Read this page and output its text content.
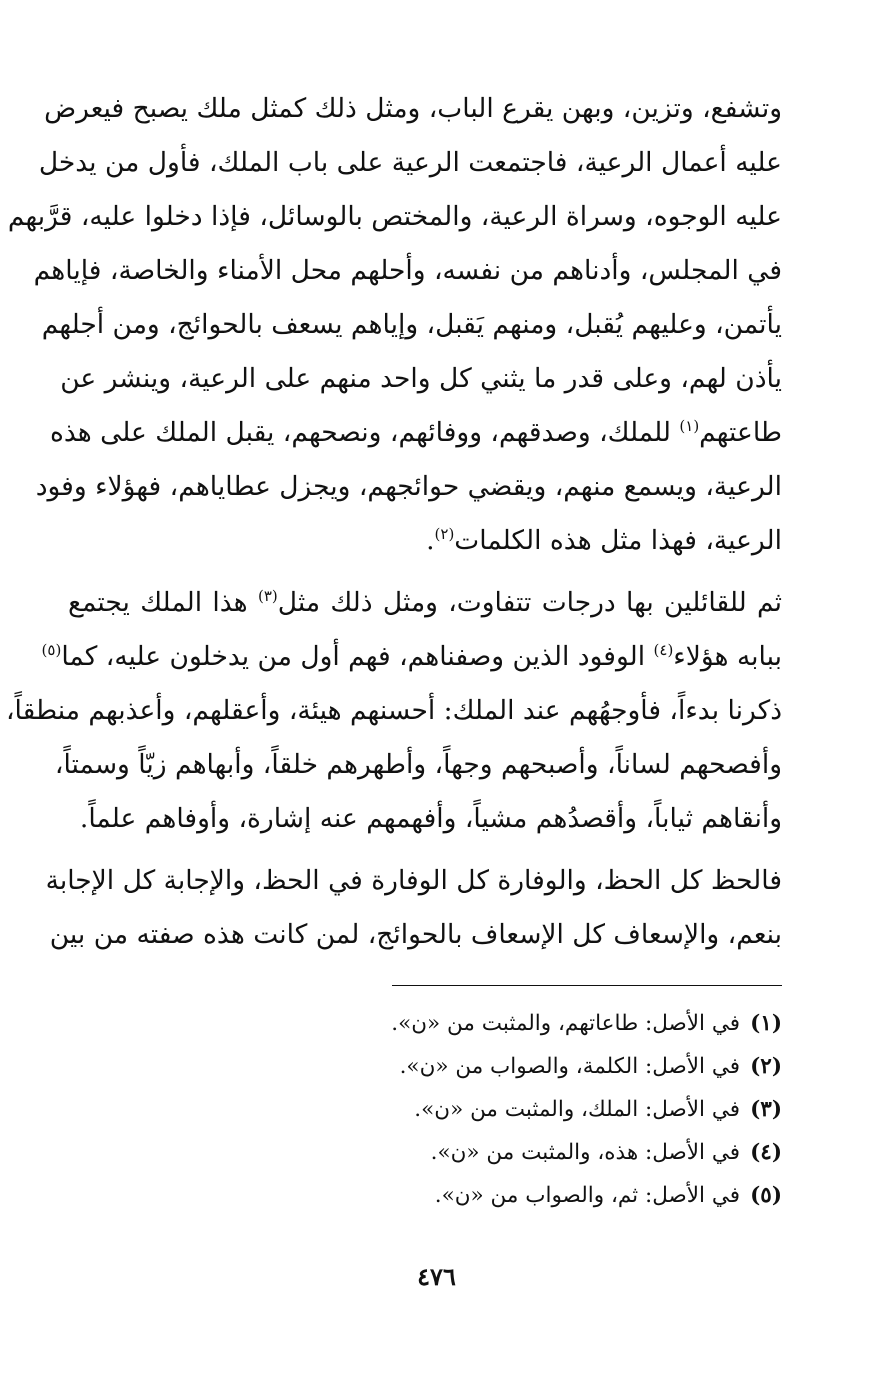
وتشفع، وتزين، وبهن يقرع الباب، ومثل ذلك كمثل ملك يصبح فيعرض
عليه أعمال الرعية، فاجتمعت الرعية على باب الملك، فأول من يدخل
عليه الوجوه، وسراة الرعية، والمختص بالوسائل، فإذا دخلوا عليه، قرَّبهم
في المجلس، وأدناهم من نفسه، وأحلهم محل الأمناء والخاصة، فإياهم
يأتمن، وعليهم يُقبل، ومنهم يَقبل، وإياهم يسعف بالحوائج، ومن أجلهم
يأذن لهم، وعلى قدر ما يثني كل واحد منهم على الرعية، وينشر عن
طاعتهم$^{(١)}$ للملك، وصدقهم، ووفائهم، ونصحهم، يقبل الملك على هذه
الرعية، ويسمع منهم، ويقضي حوائجهم، ويجزل عطاياهم، فهؤلاء وفود
الرعية، فهذا مثل هذه الكلمات$^{(٢)}$.

ثم للقائلين بها درجات تتفاوت، ومثل ذلك مثل$^{(٣)}$ هذا الملك يجتمع
ببابه هؤلاء$^{(٤)}$ الوفود الذين وصفناهم، فهم أول من يدخلون عليه، كما$^{(٥)}$
ذكرنا بدءاً، فأوجهُهم عند الملك: أحسنهم هيئة، وأعقلهم، وأعذبهم منطقاً،
وأفصحهم لساناً، وأصبحهم وجهاً، وأطهرهم خلقاً، وأبهاهم زيّاً وسمتاً،
وأنقاهم ثياباً، وأقصدُهم مشياً، وأفهمهم عنه إشارة، وأوفاهم علماً.

فالحظ كل الحظ، والوفارة كل الوفارة في الحظ، والإجابة كل الإجابة
بنعم، والإسعاف كل الإسعاف بالحوائج، لمن كانت هذه صفته من بين

(١)في الأصل: طاعاتهم، والمثبت من «ن».
(٢)في الأصل: الكلمة، والصواب من «ن».
(٣)في الأصل: الملك، والمثبت من «ن».
(٤)في الأصل: هذه، والمثبت من «ن».
(٥)في الأصل: ثم، والصواب من «ن».
٤٧٦
